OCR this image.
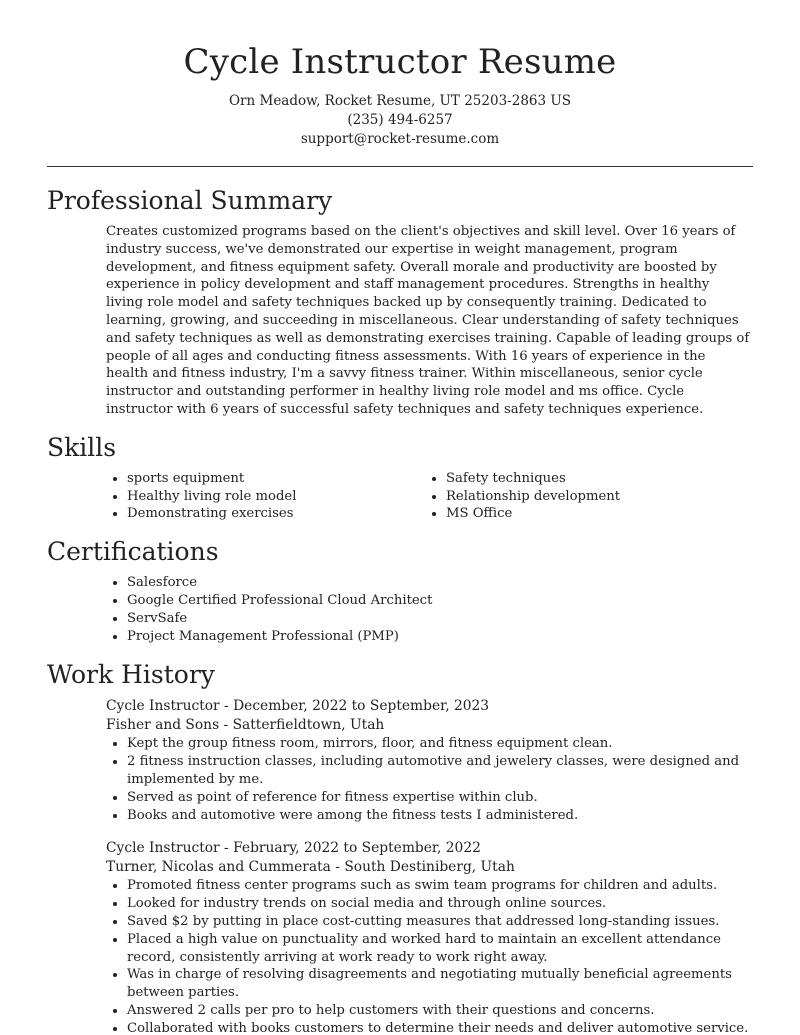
Cycle Instructor Resume
Orn Meadow, Rocket Resume, UT 25203-2863 US
(235) 494-6257
support@rocket-resume.com
Professional Summary

Creates customized programs based on the client's objectives and skill level. Over 16 years of industry success, we've demonstrated our expertise in weight management, program development, and fitness equipment safety. Overall morale and productivity are boosted by experience in policy development and staff management procedures. Strengths in healthy living role model and safety techniques backed up by consequently training. Dedicated to learning, growing, and succeeding in miscellaneous. Clear understanding of safety techniques and safety techniques as well as demonstrating exercises training. Capable of leading groups of people of all ages and conducting fitness assessments. With 16 years of experience in the health and fitness industry, I'm a savvy fitness trainer. Within miscellaneous, senior cycle instructor and outstanding performer in healthy living role model and ms office. Cycle instructor with 6 years of successful safety techniques and safety techniques experience.

Skills
• sports equipment
• Healthy living role model
• Demonstrating exercises
• Safety techniques
• Relationship development
• MS Office
Certifications
• Salesforce
• Google Certified Professional Cloud Architect
• ServSafe
• Project Management Professional (PMP)
Work History
Cycle Instructor - December, 2022 to September, 2023
Fisher and Sons - Satterfieldtown, Utah
• Kept the group fitness room, mirrors, floor, and fitness equipment clean.
• 2 fitness instruction classes, including automotive and jewelery classes, were designed and implemented by me.
• Served as point of reference for fitness expertise within club.
• Books and automotive were among the fitness tests I administered.
Cycle Instructor - February, 2022 to September, 2022
Turner, Nicolas and Cummerata - South Destiniberg, Utah
• Promoted fitness center programs such as swim team programs for children and adults.
• Looked for industry trends on social media and through online sources.
• Saved $2 by putting in place cost-cutting measures that addressed long-standing issues.
• Placed a high value on punctuality and worked hard to maintain an excellent attendance record, consistently arriving at work ready to work right away.
• Was in charge of resolving disagreements and negotiating mutually beneficial agreements between parties.
• Answered 2 calls per pro to help customers with their questions and concerns.
• Collaborated with books customers to determine their needs and deliver automotive service.
